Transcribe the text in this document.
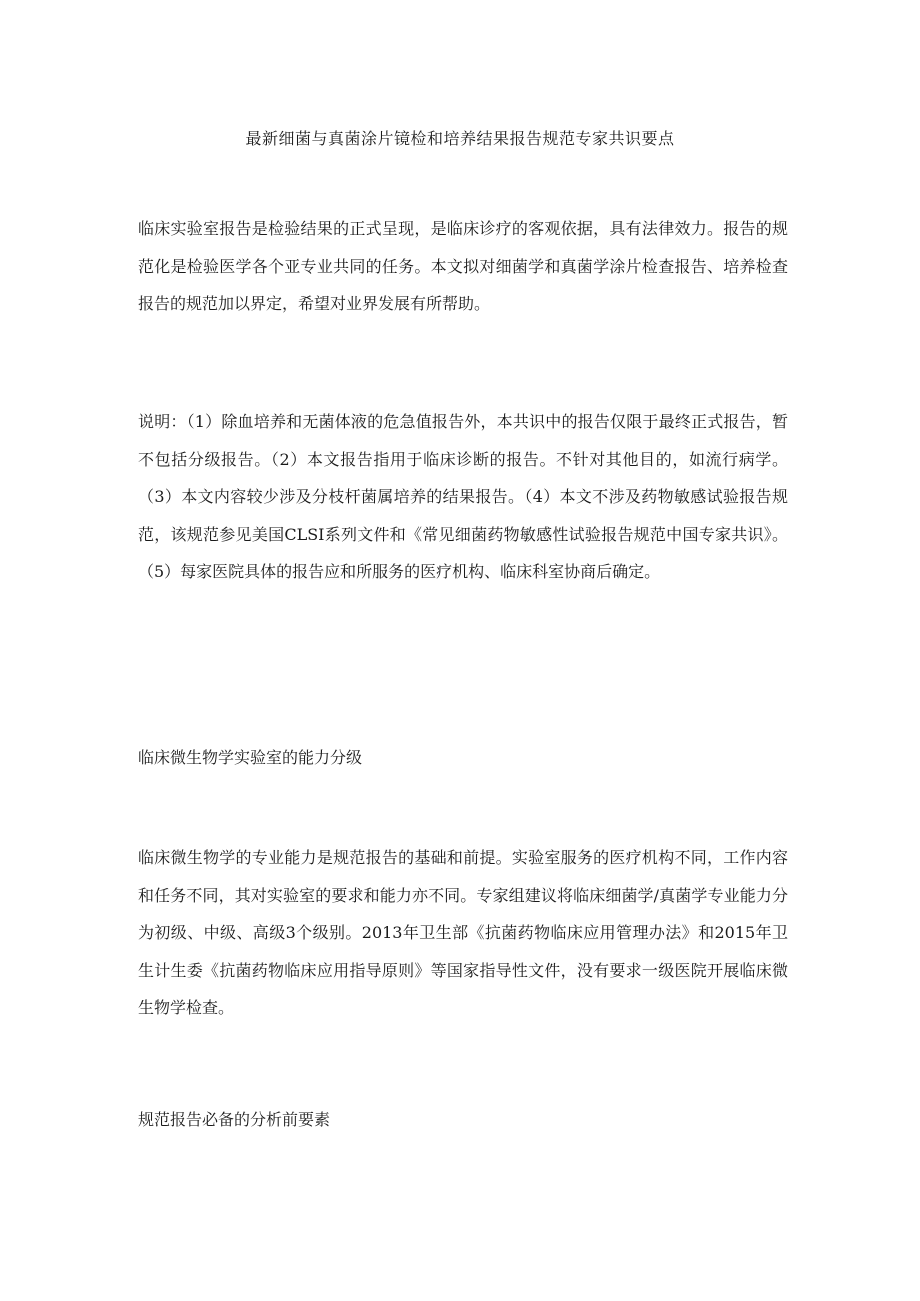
最新细菌与真菌涂片镜检和培养结果报告规范专家共识要点

临床实验室报告是检验结果的正式呈现，是临床诊疗的客观依据，具有法律效力。报告的规范化是检验医学各个亚专业共同的任务。本文拟对细菌学和真菌学涂片检查报告、培养检查报告的规范加以界定，希望对业界发展有所帮助。

说明：（1）除血培养和无菌体液的危急值报告外，本共识中的报告仅限于最终正式报告，暂不包括分级报告。（2）本文报告指用于临床诊断的报告。不针对其他目的，如流行病学。（3）本文内容较少涉及分枝杆菌属培养的结果报告。（4）本文不涉及药物敏感试验报告规范，该规范参见美国CLSI系列文件和《常见细菌药物敏感性试验报告规范中国专家共识》。（5）每家医院具体的报告应和所服务的医疗机构、临床科室协商后确定。

临床微生物学实验室的能力分级

临床微生物学的专业能力是规范报告的基础和前提。实验室服务的医疗机构不同，工作内容和任务不同，其对实验室的要求和能力亦不同。专家组建议将临床细菌学/真菌学专业能力分为初级、中级、高级3个级别。2013年卫生部《抗菌药物临床应用管理办法》和2015年卫生计生委《抗菌药物临床应用指导原则》等国家指导性文件，没有要求一级医院开展临床微生物学检查。

规范报告必备的分析前要素
